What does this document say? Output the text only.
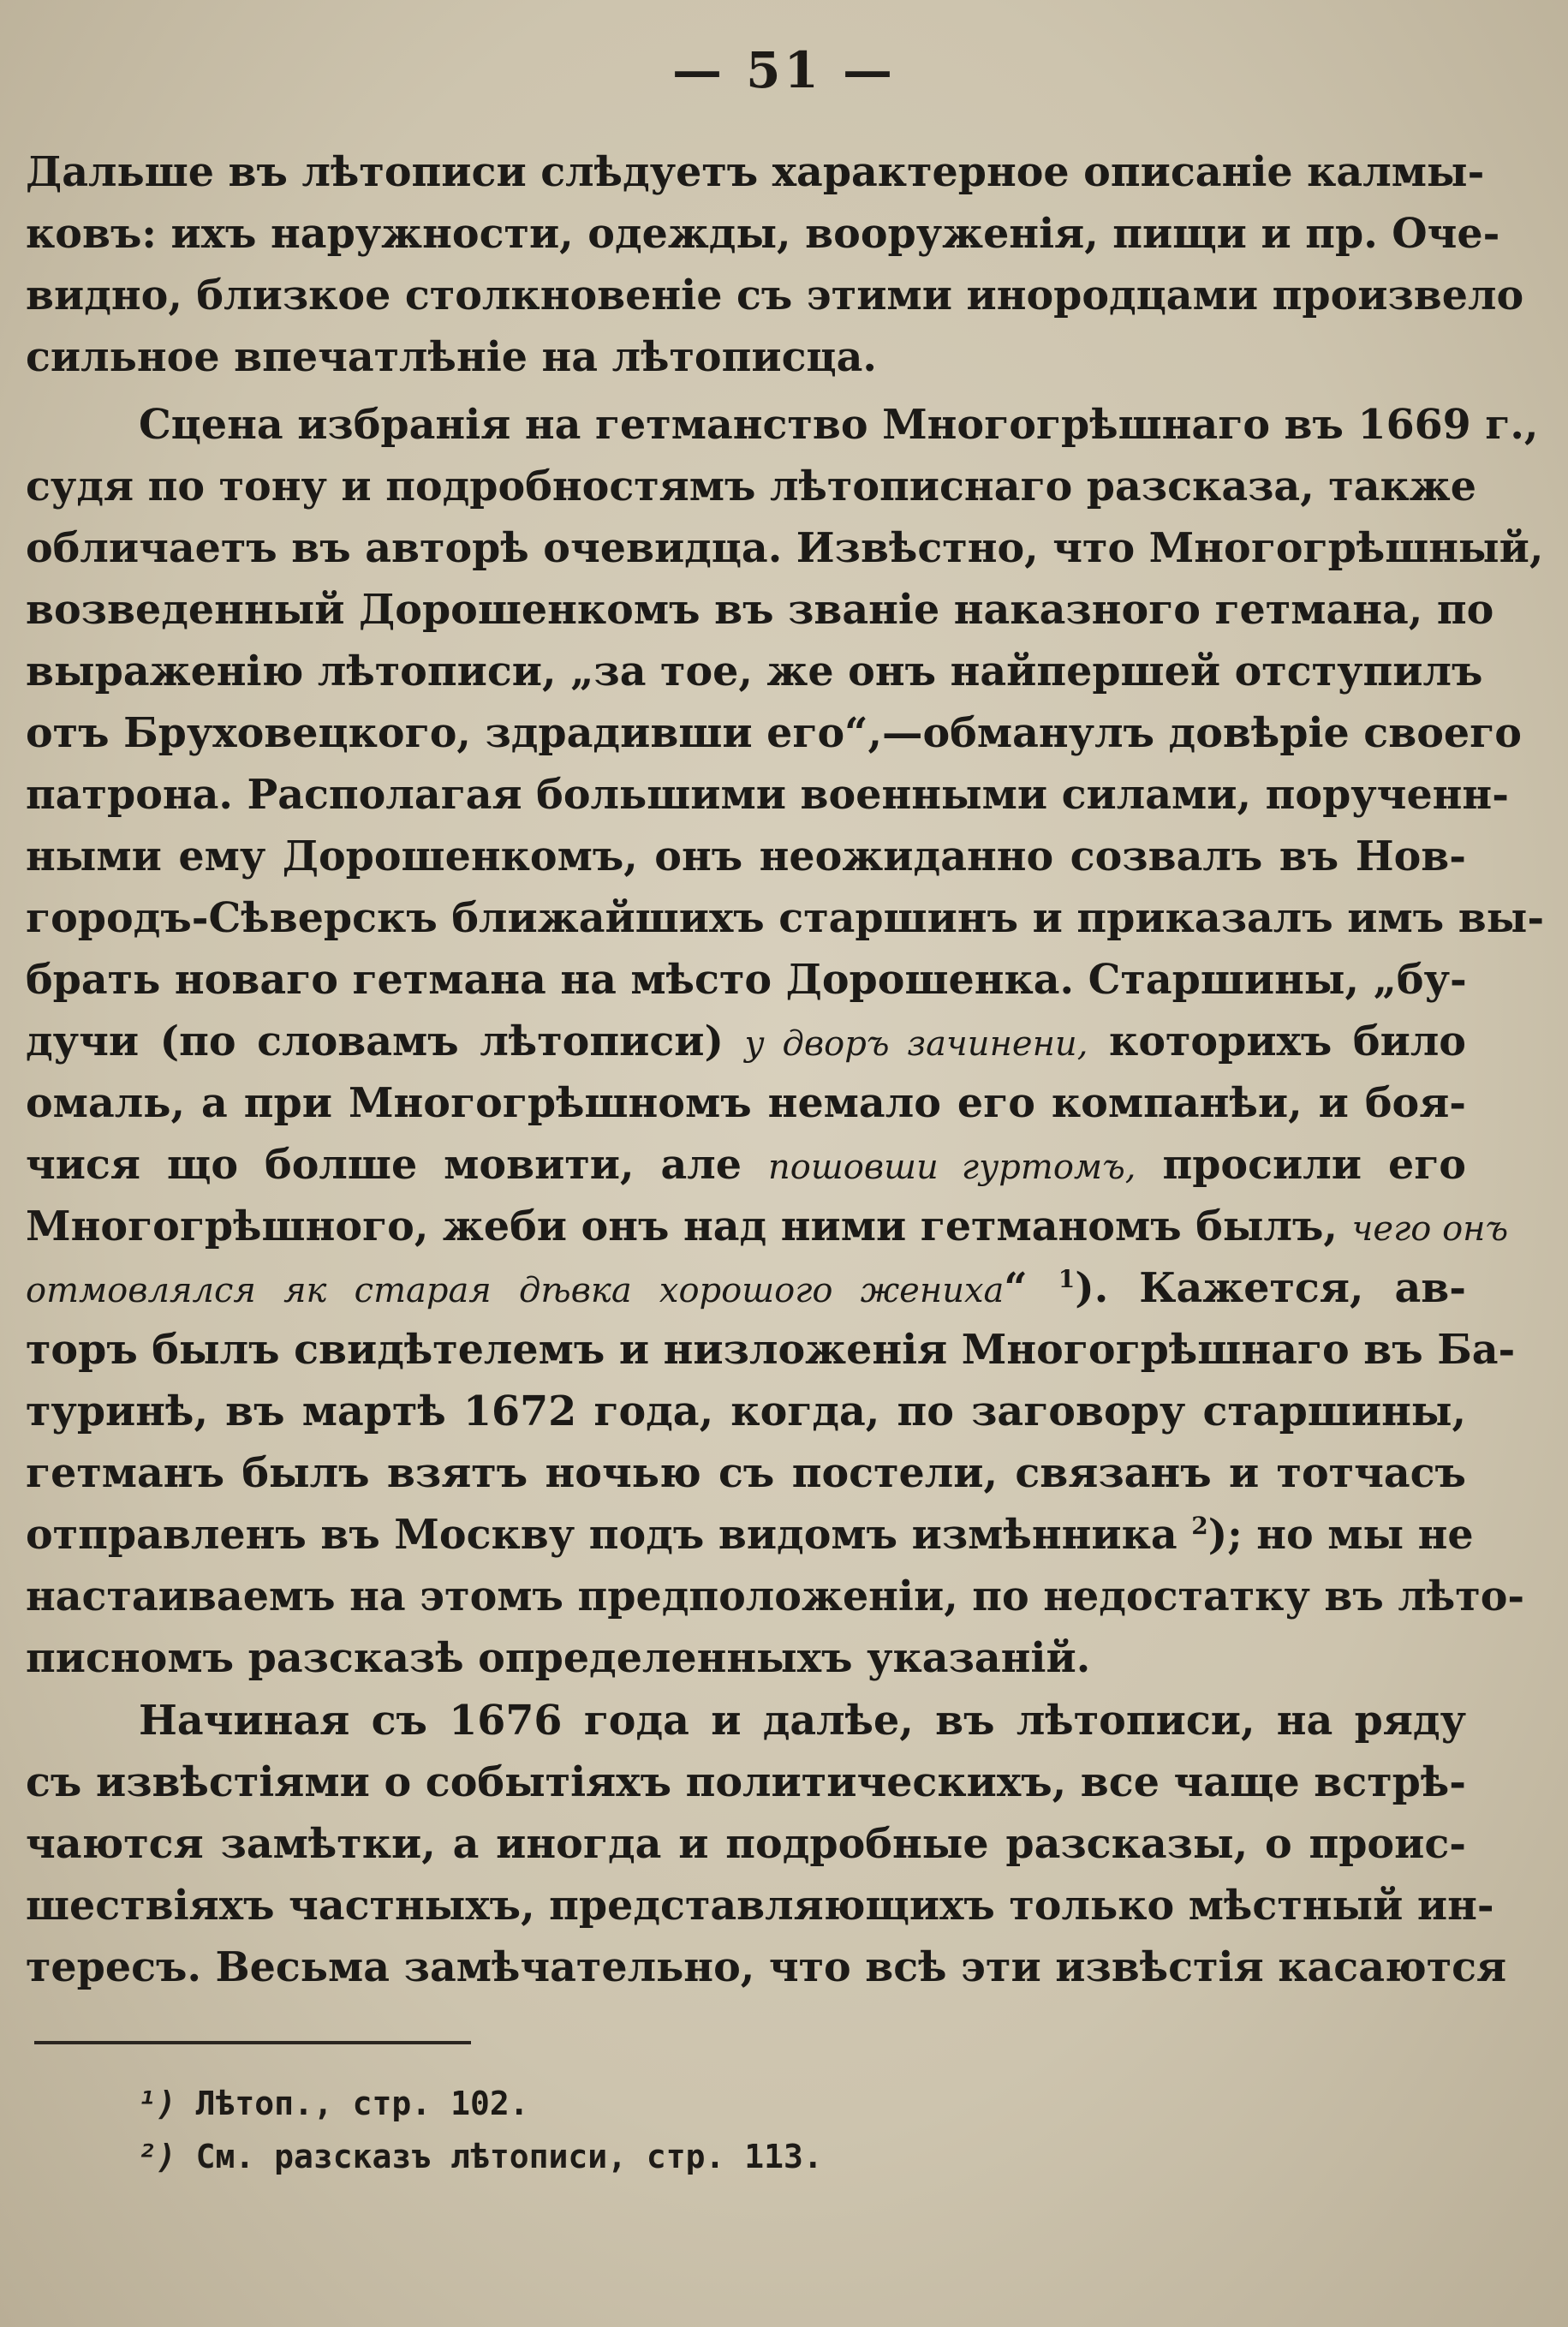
— 51 —
Дальше въ лѣтописи слѣдуетъ характерное описанiе калмы-
ковъ: ихъ наружности, одежды, вооруженія, пищи и пр. Оче-
видно, близкое столкновенiе съ этими инородцами произвело
сильное впечатлѣнiе на лѣтописца.
Сцена избранія на гетманство Многогрѣшнаго въ 1669 г.,
судя по тону и подробностямъ лѣтописнаго разсказа, также
обличаетъ въ авторѣ очевидца. Извѣстно, что Многогрѣшный,
возведенный Дорошенкомъ въ званiе наказного гетмана, по
выраженію лѣтописи, „за тое, же онъ найпершей отступилъ
отъ Бруховецкого, здрадивши его“,—обманулъ довѣрiе своего
патрона. Располагая большими военными силами, порученн-
ными ему Дорошенкомъ, онъ неожиданно созвалъ въ Нов-
городъ-Сѣверскъ ближайшихъ старшинъ и приказалъ имъ вы-
брать новаго гетмана на мѣсто Дорошенка. Старшины, „бу-
дучи (по словамъ лѣтописи) у дворъ зачинени, которихъ било
омаль, а при Многогрѣшномъ немало его компанѣи, и боя-
чися що болше мовити, але пошовши гуртомъ, просили его
Многогрѣшного, жеби онъ над ними гетманомъ былъ, чего онъ
отмовлялся як старая дѣвка хорошого жениха“ $^1$). Кажется, ав-
торъ былъ свидѣтелемъ и низложенія Многогрѣшнаго въ Ба-
туринѣ, въ мартѣ 1672 года, когда, по заговору старшины,
гетманъ былъ взятъ ночью съ постели, связанъ и тотчасъ
отправленъ въ Москву подъ видомъ измѣнника $^2$); но мы не
настаиваемъ на этомъ предположенiи, по недостатку въ лѣто-
писномъ разсказѣ определенныхъ указанiй.
Начиная съ 1676 года и далѣе, въ лѣтописи, на ряду
съ извѣстiями о событiяхъ политическихъ, все чаще встрѣ-
чаются замѣтки, а иногда и подробные разсказы, о проис-
шествiяхъ частныхъ, представляющихъ только мѣстный ин-
тересъ. Весьма замѣчательно, что всѣ эти извѣстія касаются
¹) Лѣтоп., стр. 102.
²) См. разсказъ лѣтописи, стр. 113.
